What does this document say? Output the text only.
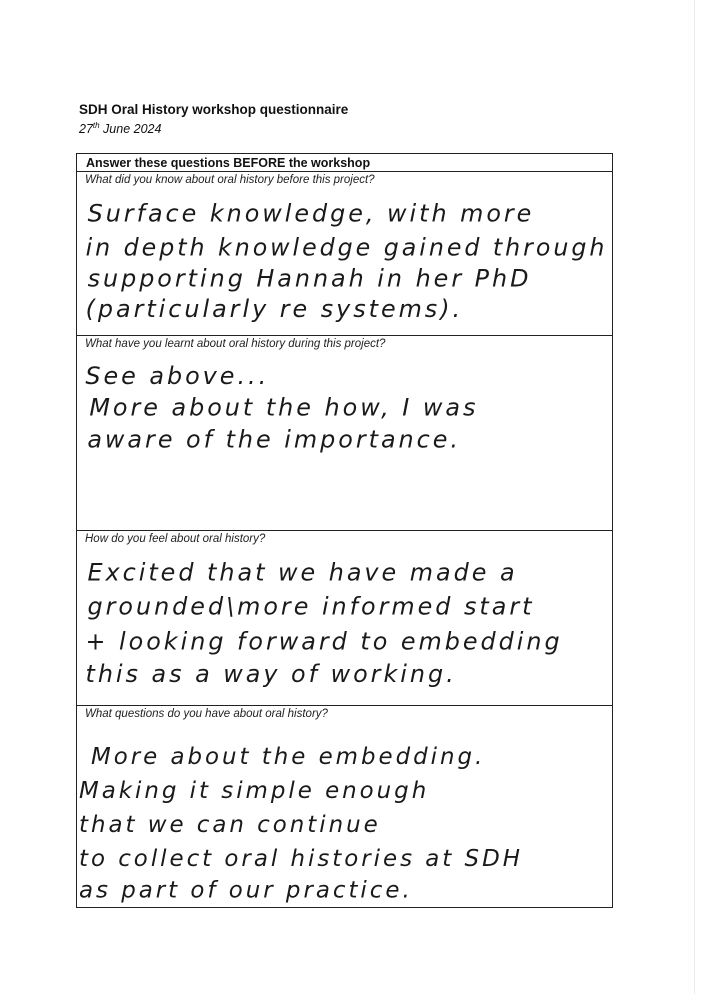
SDH Oral History workshop questionnaire
27th June 2024
Answer these questions BEFORE the workshop
What did you know about oral history before this project?
Surface knowledge, with more
in depth knowledge gained through
supporting Hannah in her PhD
(particularly re systems).
What have you learnt about oral history during this project?
See above...
More about the how, I was
aware of the importance.
How do you feel about oral history?
Excited that we have made a
grounded\more informed start
+ looking forward to embedding
this as a way of working.
What questions do you have about oral history?
More about the embedding.
Making it simple enough
that we can continue
to collect oral histories at SDH
as part of our practice.
